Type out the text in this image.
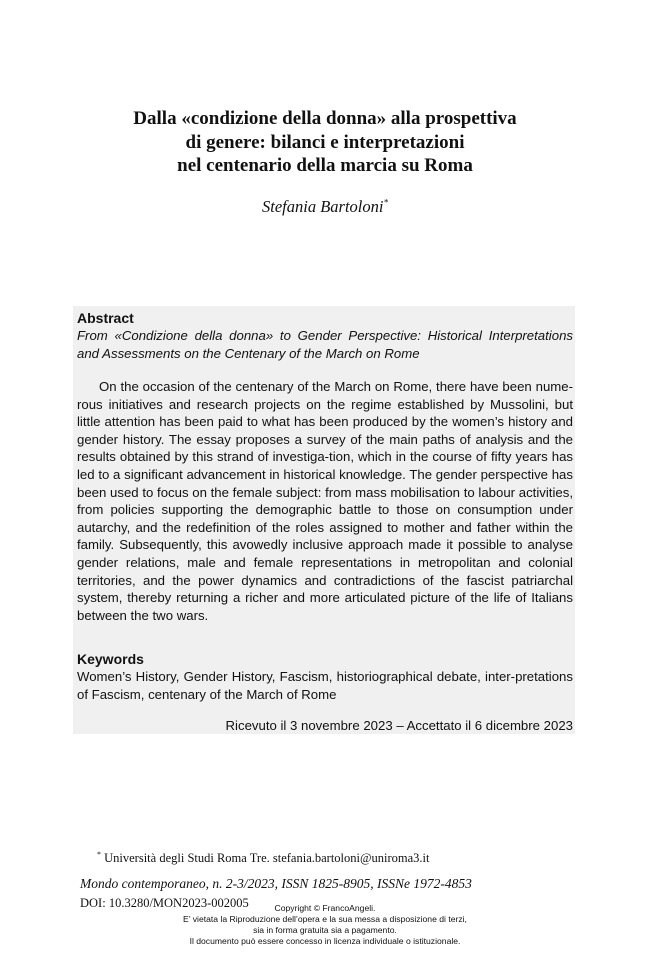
Dalla «condizione della donna» alla prospettiva
di genere: bilanci e interpretazioni
nel centenario della marcia su Roma
Stefania Bartoloni*
Abstract
From «Condizione della donna» to Gender Perspective: Historical Interpretations and Assessments on the Centenary of the March on Rome
On the occasion of the centenary of the March on Rome, there have been nume-rous initiatives and research projects on the regime established by Mussolini, but little attention has been paid to what has been produced by the women’s history and gender history. The essay proposes a survey of the main paths of analysis and the results obtained by this strand of investiga-tion, which in the course of fifty years has led to a significant advancement in historical knowledge. The gender perspective has been used to focus on the female subject: from mass mobilisation to labour activities, from policies supporting the demographic battle to those on consumption under autarchy, and the redefinition of the roles assigned to mother and father within the family. Subsequently, this avowedly inclusive approach made it possible to analyse gender relations, male and female representations in metropolitan and colonial territories, and the power dynamics and contradictions of the fascist patriarchal system, thereby returning a richer and more articulated picture of the life of Italians between the two wars.
Keywords
Women’s History, Gender History, Fascism, historiographical debate, inter-pretations of Fascism, centenary of the March of Rome
Ricevuto il 3 novembre 2023 – Accettato il 6 dicembre 2023
* Università degli Studi Roma Tre. stefania.bartoloni@uniroma3.it
Mondo contemporaneo, n. 2-3/2023, ISSN 1825-8905, ISSNe 1972-4853
DOI: 10.3280/MON2023-002005	Copyright © FrancoAngeli.
E’ vietata la Riproduzione dell’opera e la sua messa a disposizione di terzi,
sia in forma gratuita sia a pagamento.
Il documento può essere concesso in licenza individuale o istituzionale.
